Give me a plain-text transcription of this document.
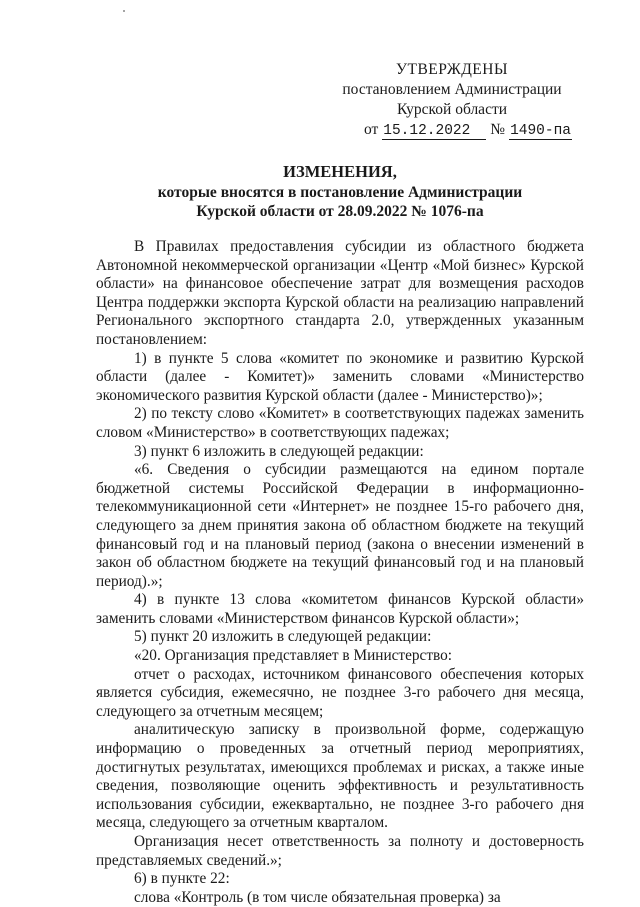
УТВЕРЖДЕНЫ
постановлением Администрации
Курской области
от 15.12.2022	№ 1490-па
ИЗМЕНЕНИЯ,
которые вносятся в постановление Администрации
Курской области от 28.09.2022 № 1076-па

В Правилах предоставления субсидии из областного бюджета Автономной некоммерческой организации «Центр «Мой бизнес» Курской области» на финансовое обеспечение затрат для возмещения расходов Центра поддержки экспорта Курской области на реализацию направлений Регионального экспортного стандарта 2.0, утвержденных указанным постановлением:

1) в пункте 5 слова «комитет по экономике и развитию Курской области (далее - Комитет)» заменить словами «Министерство экономического развития Курской области (далее - Министерство)»;

2) по тексту слово «Комитет» в соответствующих падежах заменить словом «Министерство» в соответствующих падежах;

3) пункт 6 изложить в следующей редакции:

«6. Сведения о субсидии размещаются на едином портале бюджетной системы Российской Федерации в информационно-телекоммуникационной сети «Интернет» не позднее 15-го рабочего дня, следующего за днем принятия закона об областном бюджете на текущий финансовый год и на плановый период (закона о внесении изменений в закон об областном бюджете на текущий финансовый год и на плановый период).»;

4) в пункте 13 слова «комитетом финансов Курской области» заменить словами «Министерством финансов Курской области»;

5) пункт 20 изложить в следующей редакции:

«20. Организация представляет в Министерство:

отчет о расходах, источником финансового обеспечения которых является субсидия, ежемесячно, не позднее 3-го рабочего дня месяца, следующего за отчетным месяцем;

аналитическую записку в произвольной форме, содержащую информацию о проведенных за отчетный период мероприятиях, достигнутых результатах, имеющихся проблемах и рисках, а также иные сведения, позволяющие оценить эффективность и результативность использования субсидии, ежеквартально, не позднее 3-го рабочего дня месяца, следующего за отчетным кварталом.

Организация несет ответственность за полноту и достоверность представляемых сведений.»;

6) в пункте 22:

слова «Контроль (в том числе обязательная проверка) за
